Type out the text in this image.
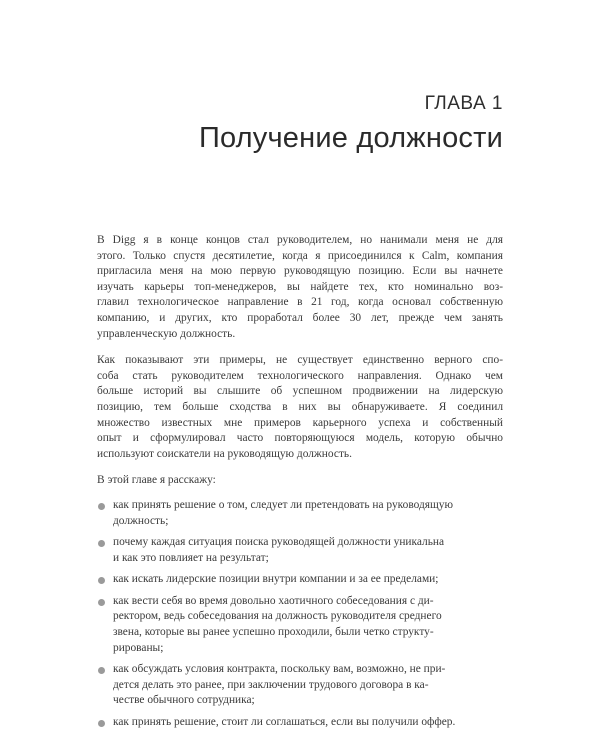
ГЛАВА 1
Получение должности

В Digg я в конце концов стал руководителем, но нанимали меня не для
этого. Только спустя десятилетие, когда я присоединился к Calm, компания
пригласила меня на мою первую руководящую позицию. Если вы начнете
изучать карьеры топ-менеджеров, вы найдете тех, кто номинально воз-
главил технологическое направление в 21 год, когда основал собственную
компанию, и других, кто проработал более 30 лет, прежде чем занять
управленческую должность.

Как показывают эти примеры, не существует единственно верного спо-
соба стать руководителем технологического направления. Однако чем
больше историй вы слышите об успешном продвижении на лидерскую
позицию, тем больше сходства в них вы обнаруживаете. Я соединил
множество известных мне примеров карьерного успеха и собственный
опыт и сформулировал часто повторяющуюся модель, которую обычно
используют соискатели на руководящую должность.

В этой главе я расскажу:

как принять решение о том, следует ли претендовать на руководящую
должность;
почему каждая ситуация поиска руководящей должности уникальна
и как это повлияет на результат;
как искать лидерские позиции внутри компании и за ее пределами;
как вести себя во время довольно хаотичного собеседования с ди-
ректором, ведь собеседования на должность руководителя среднего
звена, которые вы ранее успешно проходили, были четко структу-
рированы;
как обсуждать условия контракта, поскольку вам, возможно, не при-
дется делать это ранее, при заключении трудового договора в ка-
честве обычного сотрудника;
как принять решение, стоит ли соглашаться, если вы получили оффер.
